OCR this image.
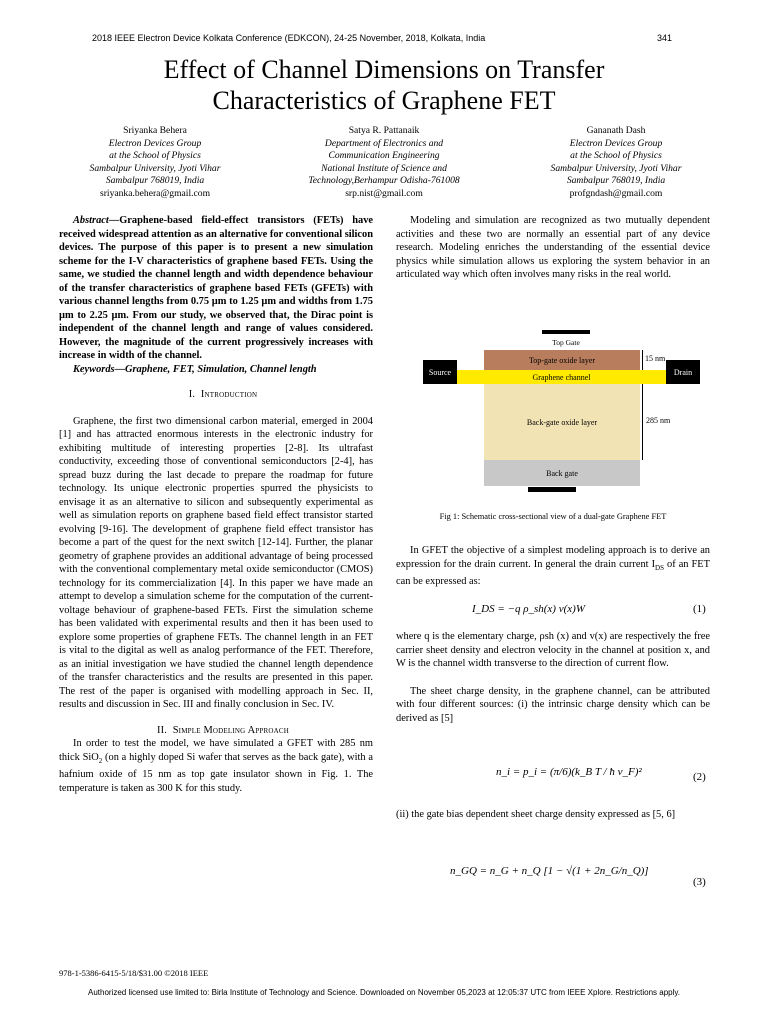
2018 IEEE Electron Device Kolkata Conference (EDKCON), 24-25 November, 2018, Kolkata, India	341
Effect of Channel Dimensions on Transfer
Characteristics of Graphene FET
Sriyanka Behera
Electron Devices Group
at the School of Physics
Sambalpur University, Jyoti Vihar
Sambalpur 768019, India
sriyanka.behera@gmail.com
Satya R. Pattanaik
Department of Electronics and
Communication Engineering
National Institute of Science and
Technology,Berhampur Odisha-761008
srp.nist@gmail.com
Gananath Dash
Electron Devices Group
at the School of Physics
Sambalpur University, Jyoti Vihar
Sambalpur 768019, India
profgndash@gmail.com

Abstract—Graphene-based field-effect transistors (FETs) have received widespread attention as an alternative for conventional silicon devices. The purpose of this paper is to present a new simulation scheme for the I-V characteristics of graphene based FETs. Using the same, we studied the channel length and width dependence behaviour of the transfer characteristics of graphene based FETs (GFETs) with various channel lengths from 0.75 µm to 1.25 µm and widths from 1.75 µm to 2.25 µm. From our study, we observed that, the Dirac point is independent of the channel length and range of values considered. However, the magnitude of the current progressively increases with increase in width of the channel.

Keywords—Graphene, FET, Simulation, Channel length

I. Introduction

Graphene, the first two dimensional carbon material, emerged in 2004 [1] and has attracted enormous interests in the electronic industry for exhibiting multitude of interesting properties [2-8]. Its ultrafast conductivity, exceeding those of conventional semiconductors [2-4], has spread buzz during the last decade to prepare the roadmap for future technology. Its unique electronic properties spurred the physicists to envisage it as an alternative to silicon and subsequently experimental as well as simulation reports on graphene based field effect transistor started evolving [9-16]. The development of graphene field effect transistor has become a part of the quest for the next switch [12-14]. Further, the planar geometry of graphene provides an additional advantage of being processed with the conventional complementary metal oxide semiconductor (CMOS) technology for its commercialization [4]. In this paper we have made an attempt to develop a simulation scheme for the computation of the current-voltage behaviour of graphene-based FETs. First the simulation scheme has been validated with experimental results and then it has been used to explore some properties of graphene FETs. The channel length in an FET is vital to the digital as well as analog performance of the FET. Therefore, as an initial investigation we have studied the channel length dependence of the transfer characteristics and the results are presented in this paper. The rest of the paper is organised with modelling approach in Sec. II, results and discussion in Sec. III and finally conclusion in Sec. IV.

II. Simple Modeling Approach

In order to test the model, we have simulated a GFET with 285 nm thick SiO$_2$ (on a highly doped Si wafer that serves as the back gate), with a hafnium oxide of 15 nm as top gate insulator shown in Fig. 1. The temperature is taken as 300 K for this study.

Modeling and simulation are recognized as two mutually dependent activities and these two are normally an essential part of any device research. Modeling enriches the understanding of the essential device physics while simulation allows us exploring the system behavior in an articulated way which often involves many risks in the real world.

Top Gate
Top-gate oxide layer	15 nm
Source	Drain
Graphene channel
Back-gate oxide layer	285 nm
Back gate
Fig 1: Schematic cross-sectional view of a dual-gate Graphene FET

In GFET the objective of a simplest modeling approach is to derive an expression for the drain current. In general the drain current $I_{DS}$ of an FET can be expressed as:

I_DS = −q ρ_sh(x) v(x)W	(1)

where q is the elementary charge, ρsh (x) and v(x) are respectively the free carrier sheet density and electron velocity in the channel at position x, and W is the channel width transverse to the direction of current flow.

The sheet charge density, in the graphene channel, can be attributed with four different sources: (i) the intrinsic charge density which can be derived as [5]

n_i = p_i = (π/6)(k_B T / ħ v_F)²	(2)

(ii) the gate bias dependent sheet charge density expressed as [5, 6]

n_GQ = n_G + n_Q [1 − √(1 + 2n_G/n_Q)]
(3)
978-1-5386-6415-5/18/$31.00 ©2018 IEEE
Authorized licensed use limited to: Birla Institute of Technology and Science. Downloaded on November 05,2023 at 12:05:37 UTC from IEEE Xplore. Restrictions apply.
